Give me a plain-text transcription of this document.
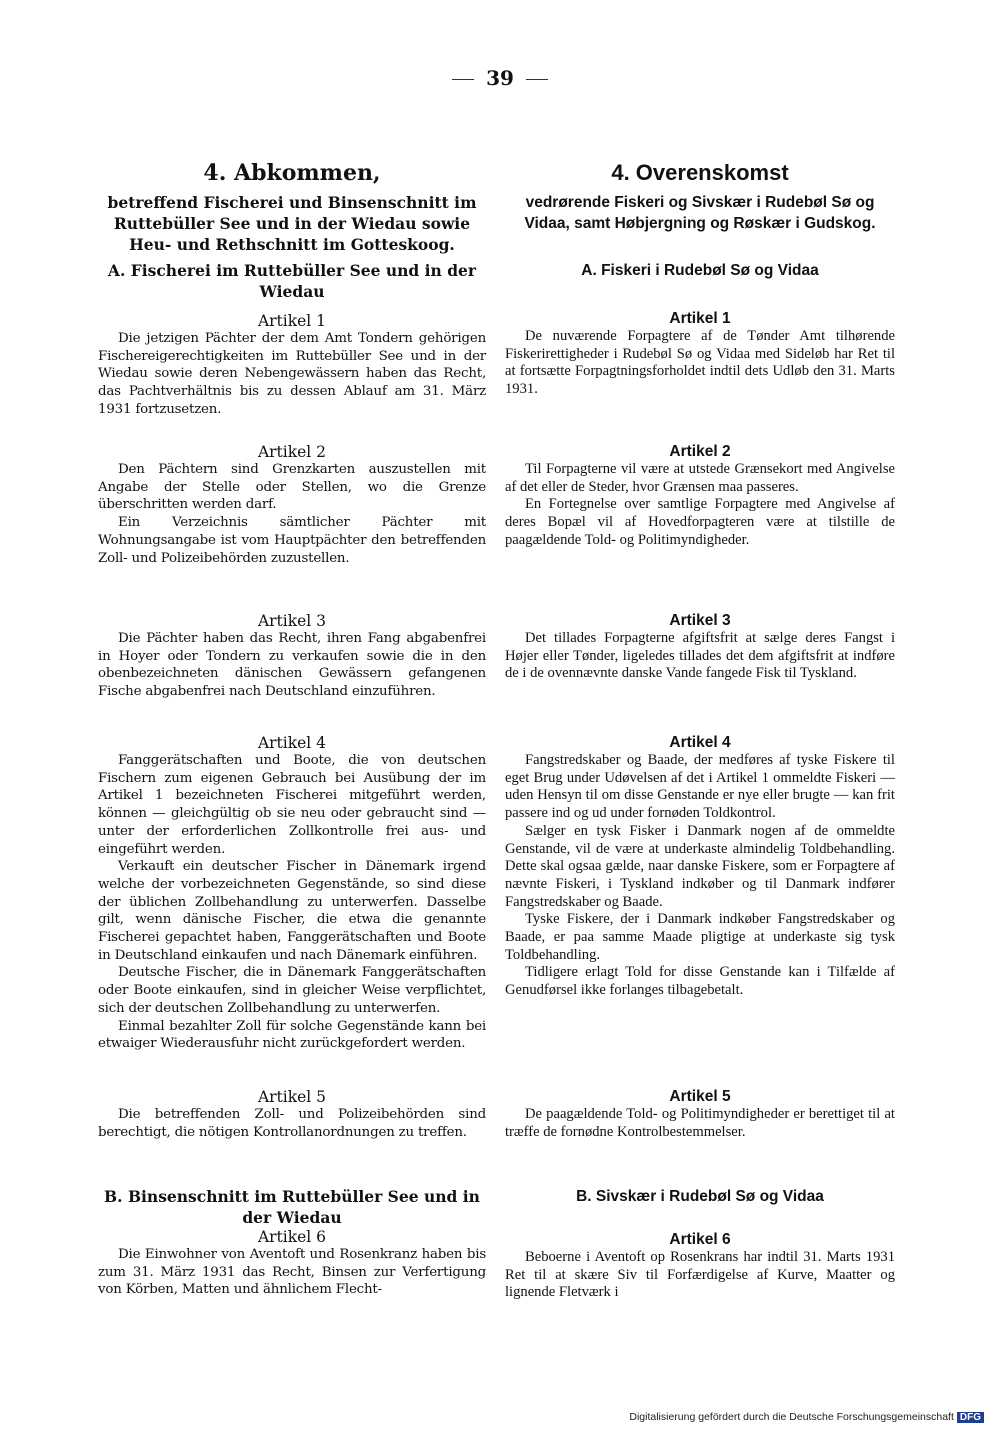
39
4. Abkommen,
betreffend Fischerei und Binsenschnitt im Ruttebüller See und in der Wiedau sowie Heu- und Rethschnitt im Gotteskoog.
A. Fischerei im Ruttebüller See und in der Wiedau
Artikel 1

Die jetzigen Pächter der dem Amt Tondern gehörigen Fischereigerechtigkeiten im Ruttebüller See und in der Wiedau sowie deren Nebengewässern haben das Recht, das Pachtverhältnis bis zu dessen Ablauf am 31. März 1931 fortzusetzen.

Artikel 2

Den Pächtern sind Grenzkarten auszustellen mit Angabe der Stelle oder Stellen, wo die Grenze überschritten werden darf.

Ein Verzeichnis sämtlicher Pächter mit Wohnungsangabe ist vom Hauptpächter den betreffenden Zoll- und Polizeibehörden zuzustellen.

Artikel 3

Die Pächter haben das Recht, ihren Fang abgabenfrei in Hoyer oder Tondern zu verkaufen sowie die in den obenbezeichneten dänischen Gewässern gefangenen Fische abgabenfrei nach Deutschland einzuführen.

Artikel 4

Fanggerätschaften und Boote, die von deutschen Fischern zum eigenen Gebrauch bei Ausübung der im Artikel 1 bezeichneten Fischerei mitgeführt werden, können — gleichgültig ob sie neu oder gebraucht sind — unter der erforderlichen Zollkontrolle frei aus- und eingeführt werden.

Verkauft ein deutscher Fischer in Dänemark irgend welche der vorbezeichneten Gegenstände, so sind diese der üblichen Zollbehandlung zu unterwerfen. Dasselbe gilt, wenn dänische Fischer, die etwa die genannte Fischerei gepachtet haben, Fanggerätschaften und Boote in Deutschland einkaufen und nach Dänemark einführen.

Deutsche Fischer, die in Dänemark Fanggerätschaften oder Boote einkaufen, sind in gleicher Weise verpflichtet, sich der deutschen Zollbehandlung zu unterwerfen.

Einmal bezahlter Zoll für solche Gegenstände kann bei etwaiger Wiederausfuhr nicht zurückgefordert werden.

Artikel 5

Die betreffenden Zoll- und Polizeibehörden sind berechtigt, die nötigen Kontrollanordnungen zu treffen.

B. Binsenschnitt im Ruttebüller See und in der Wiedau
Artikel 6

Die Einwohner von Aventoft und Rosenkranz haben bis zum 31. März 1931 das Recht, Binsen zur Verfertigung von Körben, Matten und ähnlichem Flecht-

4. Overenskomst
vedrørende Fiskeri og Sivskær i Rudebøl Sø og Vidaa, samt Høbjergning og Røskær i Gudskog.
A. Fiskeri i Rudebøl Sø og Vidaa
Artikel 1

De nuværende Forpagtere af de Tønder Amt tilhørende Fiskerirettigheder i Rudebøl Sø og Vidaa med Sideløb har Ret til at fortsætte Forpagtningsforholdet indtil dets Udløb den 31. Marts 1931.

Artikel 2

Til Forpagterne vil være at utstede Grænsekort med Angivelse af det eller de Steder, hvor Grænsen maa passeres.

En Fortegnelse over samtlige Forpagtere med Angivelse af deres Bopæl vil af Hovedforpagteren være at tilstille de paagældende Told- og Politimyndigheder.

Artikel 3

Det tillades Forpagterne afgiftsfrit at sælge deres Fangst i Højer eller Tønder, ligeledes tillades det dem afgiftsfrit at indføre de i de ovennævnte danske Vande fangede Fisk til Tyskland.

Artikel 4

Fangstredskaber og Baade, der medføres af tyske Fiskere til eget Brug under Udøvelsen af det i Artikel 1 ommeldte Fiskeri — uden Hensyn til om disse Genstande er nye eller brugte — kan frit passere ind og ud under fornøden Toldkontrol.

Sælger en tysk Fisker i Danmark nogen af de ommeldte Genstande, vil de være at underkaste almindelig Toldbehandling. Dette skal ogsaa gælde, naar danske Fiskere, som er Forpagtere af nævnte Fiskeri, i Tyskland indkøber og til Danmark indfører Fangstredskaber og Baade.

Tyske Fiskere, der i Danmark indkøber Fangstredskaber og Baade, er paa samme Maade pligtige at underkaste sig tysk Toldbehandling.

Tidligere erlagt Told for disse Genstande kan i Tilfælde af Genudførsel ikke forlanges tilbagebetalt.

Artikel 5

De paagældende Told- og Politimyndigheder er berettiget til at træffe de fornødne Kontrolbestemmelser.

B. Sivskær i Rudebøl Sø og Vidaa
Artikel 6

Beboerne i Aventoft op Rosenkrans har indtil 31. Marts 1931 Ret til at skære Siv til Forfærdigelse af Kurve, Maatter og lignende Fletværk i

Digitalisierung gefördert durch die Deutsche Forschungsgemeinschaft DFG
